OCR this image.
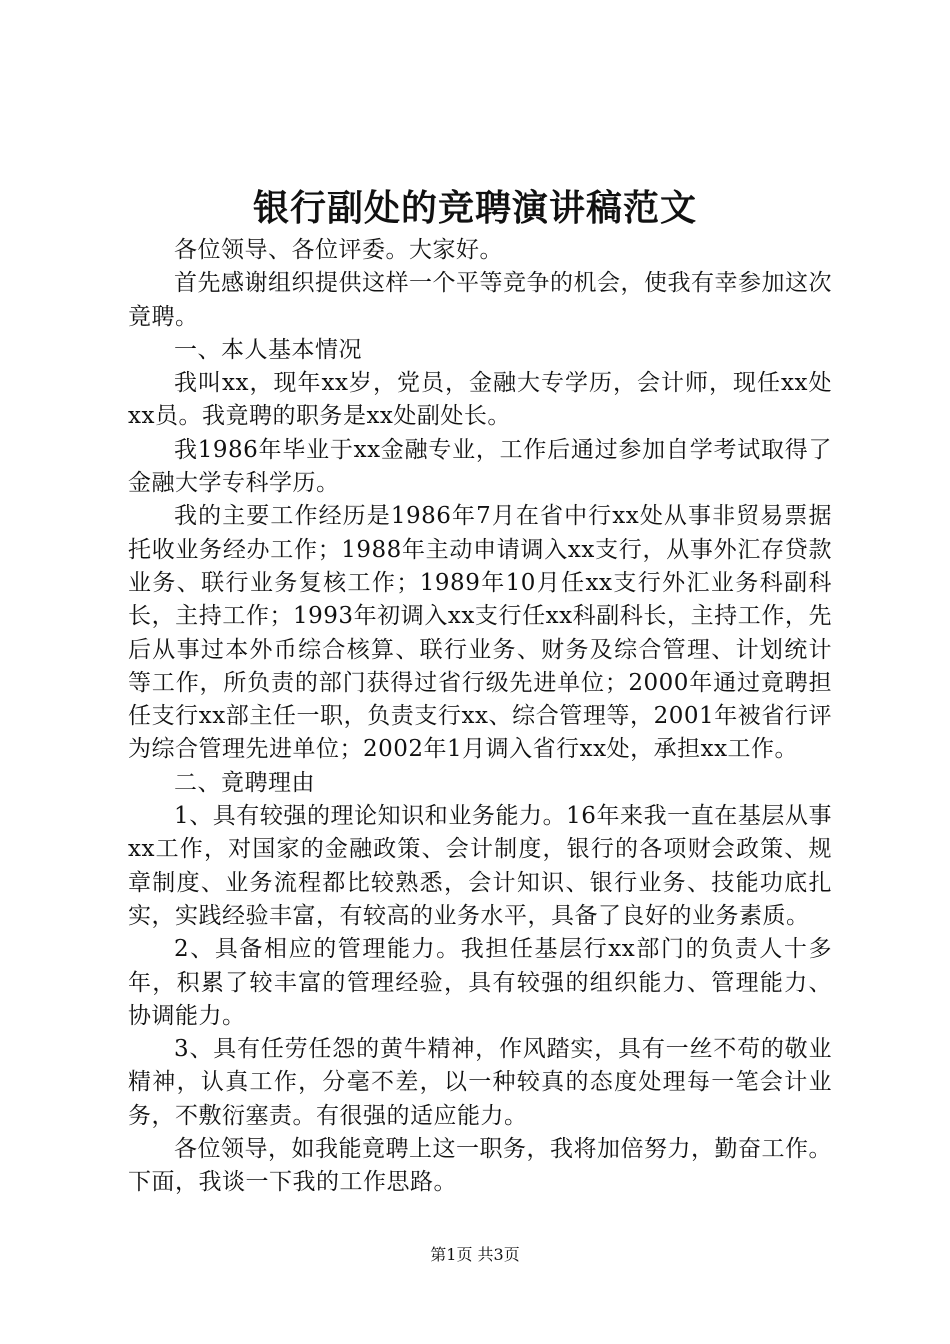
银行副处的竞聘演讲稿范文

各位领导、各位评委。大家好。

首先感谢组织提供这样一个平等竞争的机会，使我有幸参加这次竟聘。

一、本人基本情况

我叫xx，现年xx岁，党员，金融大专学历，会计师，现任xx处xx员。我竟聘的职务是xx处副处长。

我1986年毕业于xx金融专业，工作后通过参加自学考试取得了金融大学专科学历。

我的主要工作经历是1986年7月在省中行xx处从事非贸易票据托收业务经办工作；1988年主动申请调入xx支行，从事外汇存贷款业务、联行业务复核工作；1989年10月任xx支行外汇业务科副科长，主持工作；1993年初调入xx支行任xx科副科长，主持工作，先后从事过本外币综合核算、联行业务、财务及综合管理、计划统计等工作，所负责的部门获得过省行级先进单位；2000年通过竟聘担任支行xx部主任一职，负责支行xx、综合管理等，2001年被省行评为综合管理先进单位；2002年1月调入省行xx处，承担xx工作。

二、竟聘理由

1、具有较强的理论知识和业务能力。16年来我一直在基层从事xx工作，对国家的金融政策、会计制度，银行的各项财会政策、规章制度、业务流程都比较熟悉，会计知识、银行业务、技能功底扎实，实践经验丰富，有较高的业务水平，具备了良好的业务素质。

2、具备相应的管理能力。我担任基层行xx部门的负责人十多年，积累了较丰富的管理经验，具有较强的组织能力、管理能力、协调能力。

3、具有任劳任怨的黄牛精神，作风踏实，具有一丝不苟的敬业精神，认真工作，分毫不差，以一种较真的态度处理每一笔会计业务，不敷衍塞责。有很强的适应能力。

各位领导，如我能竟聘上这一职务，我将加倍努力，勤奋工作。下面，我谈一下我的工作思路。

第1页 共3页
